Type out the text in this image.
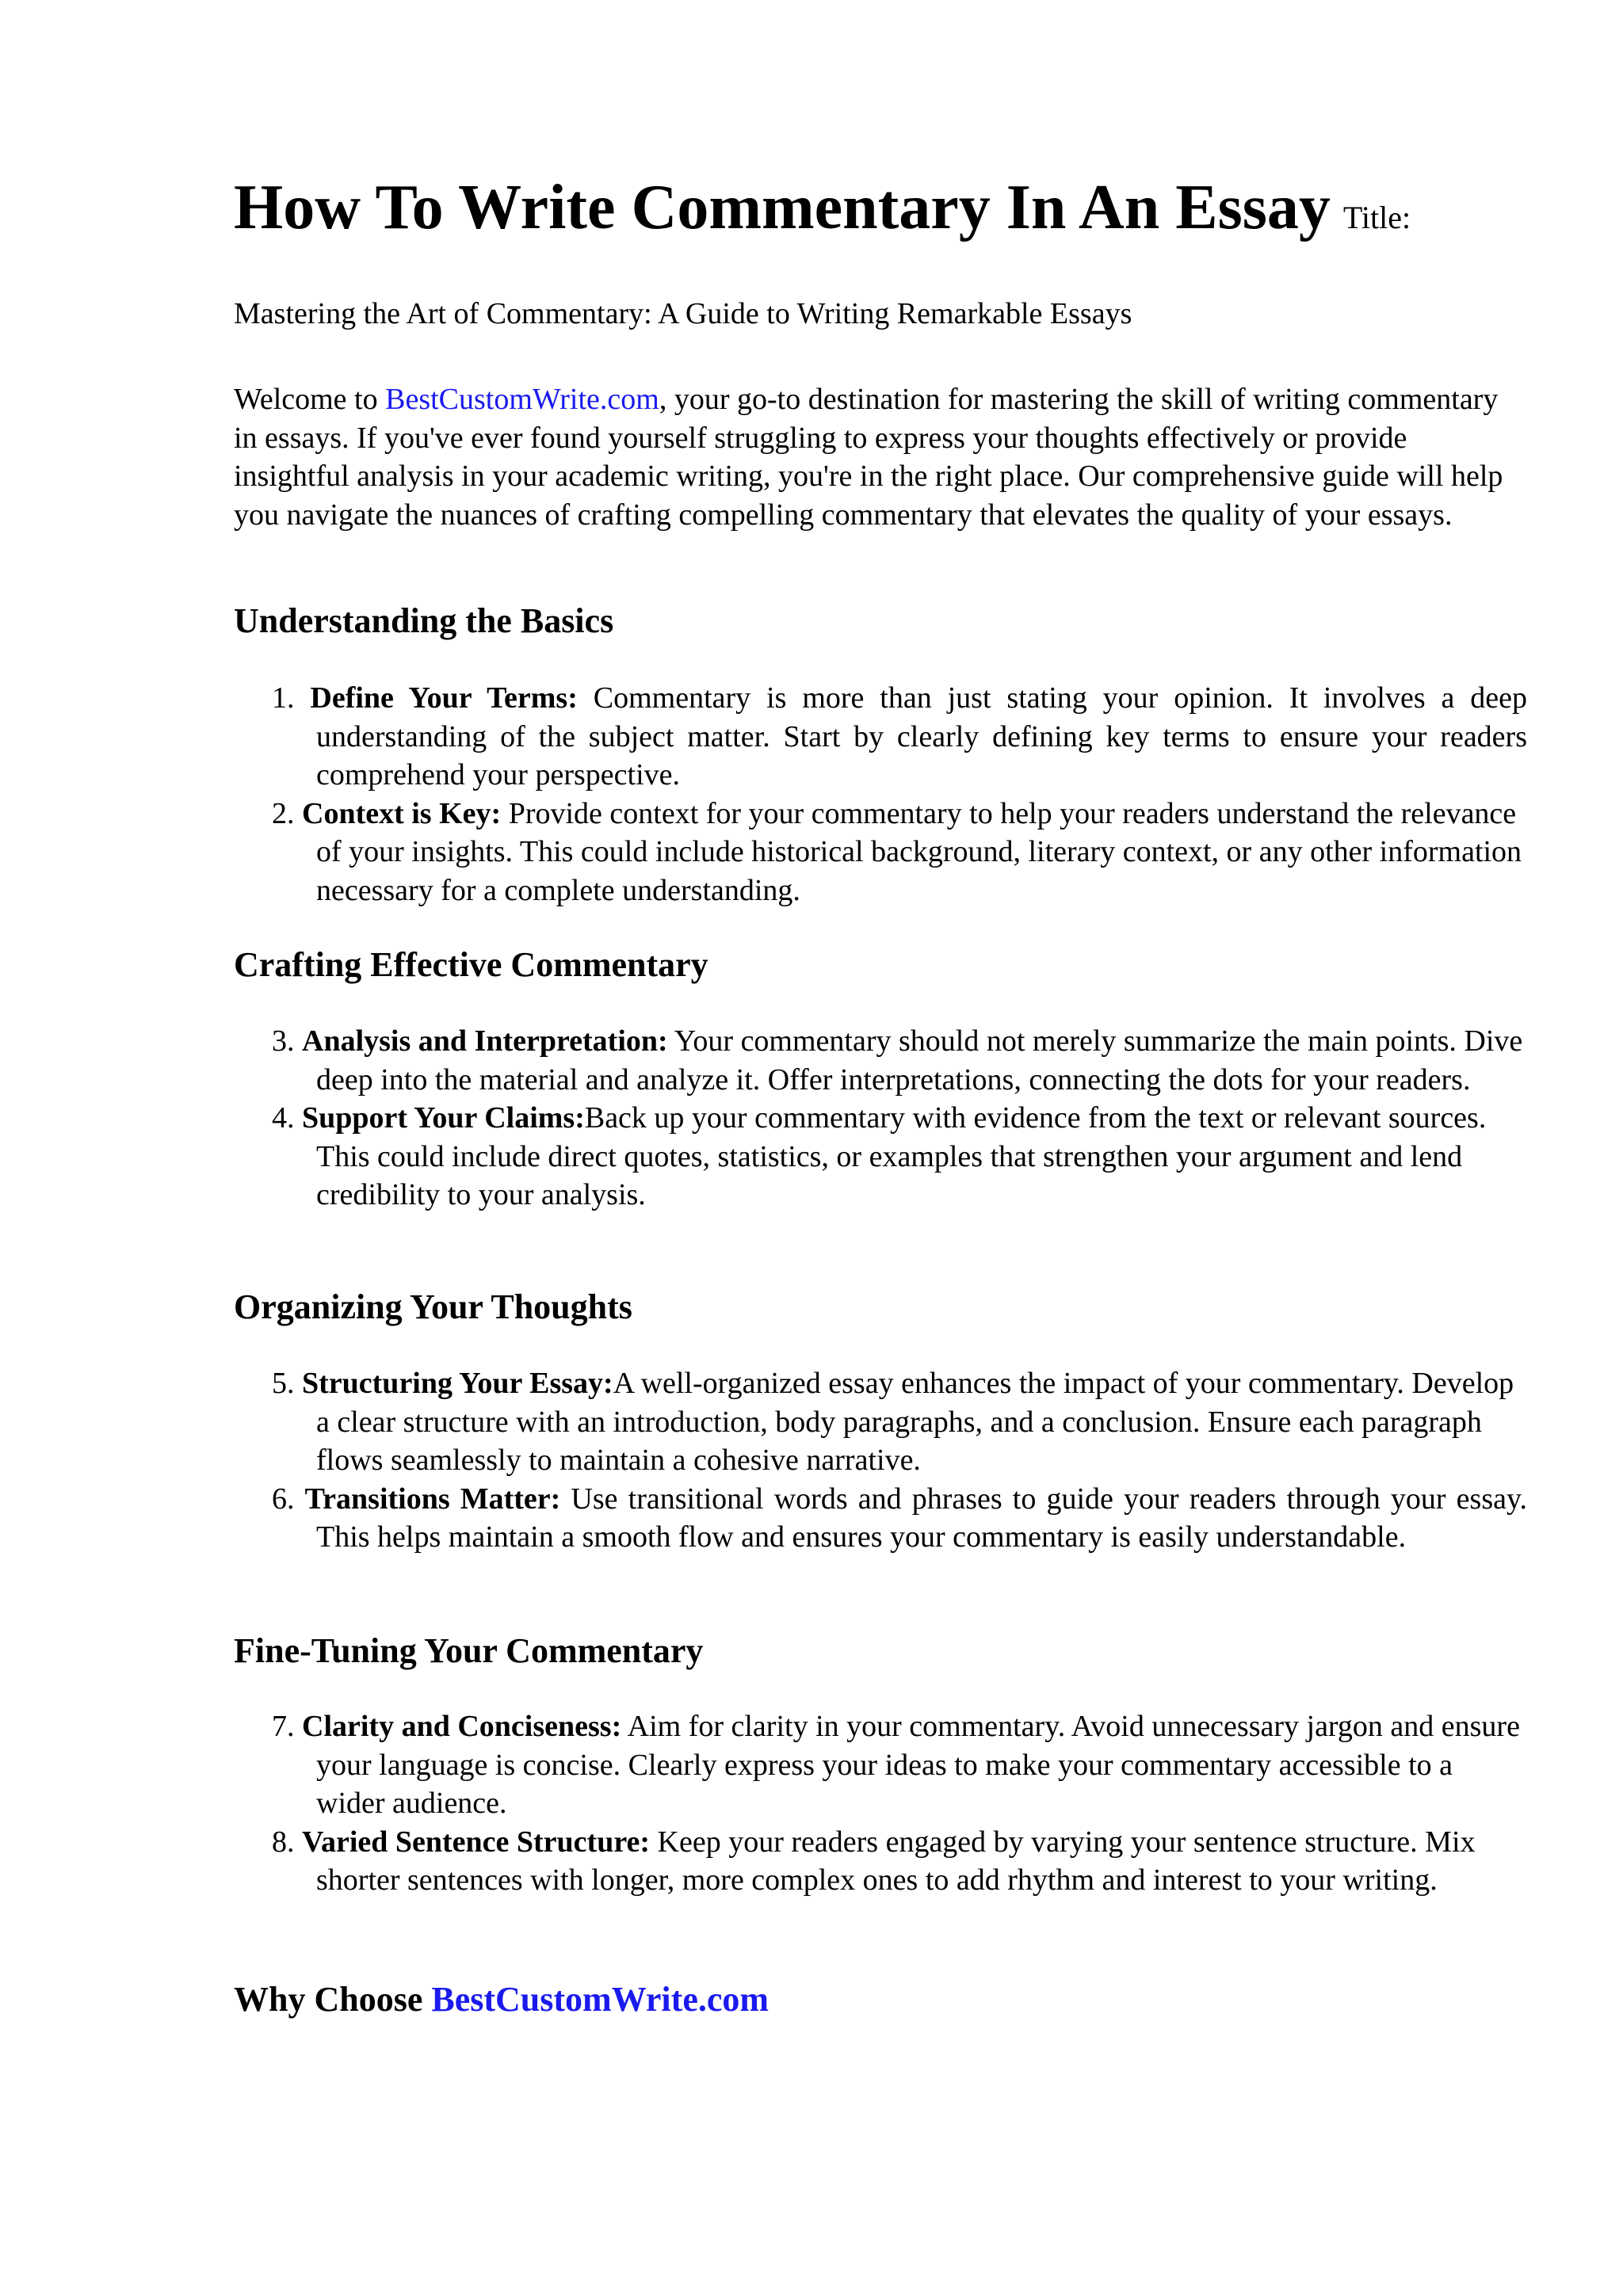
How To Write Commentary In An Essay Title:
Mastering the Art of Commentary: A Guide to Writing Remarkable Essays

Welcome to BestCustomWrite.com, your go-to destination for mastering the skill of writing commentary in essays. If you've ever found yourself struggling to express your thoughts effectively or provide insightful analysis in your academic writing, you're in the right place. Our comprehensive guide will help you navigate the nuances of crafting compelling commentary that elevates the quality of your essays.

Understanding the Basics
1. Define Your Terms: Commentary is more than just stating your opinion. It involves a deep understanding of the subject matter. Start by clearly defining key terms to ensure your readers comprehend your perspective.
2. Context is Key: Provide context for your commentary to help your readers understand the relevance of your insights. This could include historical background, literary context, or any other information necessary for a complete understanding.
Crafting Effective Commentary
3. Analysis and Interpretation: Your commentary should not merely summarize the main points. Dive deep into the material and analyze it. Offer interpretations, connecting the dots for your readers.
4. Support Your Claims:Back up your commentary with evidence from the text or relevant sources. This could include direct quotes, statistics, or examples that strengthen your argument and lend credibility to your analysis.
Organizing Your Thoughts
5. Structuring Your Essay:A well-organized essay enhances the impact of your commentary. Develop a clear structure with an introduction, body paragraphs, and a conclusion. Ensure each paragraph flows seamlessly to maintain a cohesive narrative.
6. Transitions Matter: Use transitional words and phrases to guide your readers through your essay. This helps maintain a smooth flow and ensures your commentary is easily understandable.
Fine-Tuning Your Commentary
7. Clarity and Conciseness: Aim for clarity in your commentary. Avoid unnecessary jargon and ensure your language is concise. Clearly express your ideas to make your commentary accessible to a wider audience.
8. Varied Sentence Structure: Keep your readers engaged by varying your sentence structure. Mix shorter sentences with longer, more complex ones to add rhythm and interest to your writing.
Why Choose BestCustomWrite.com
